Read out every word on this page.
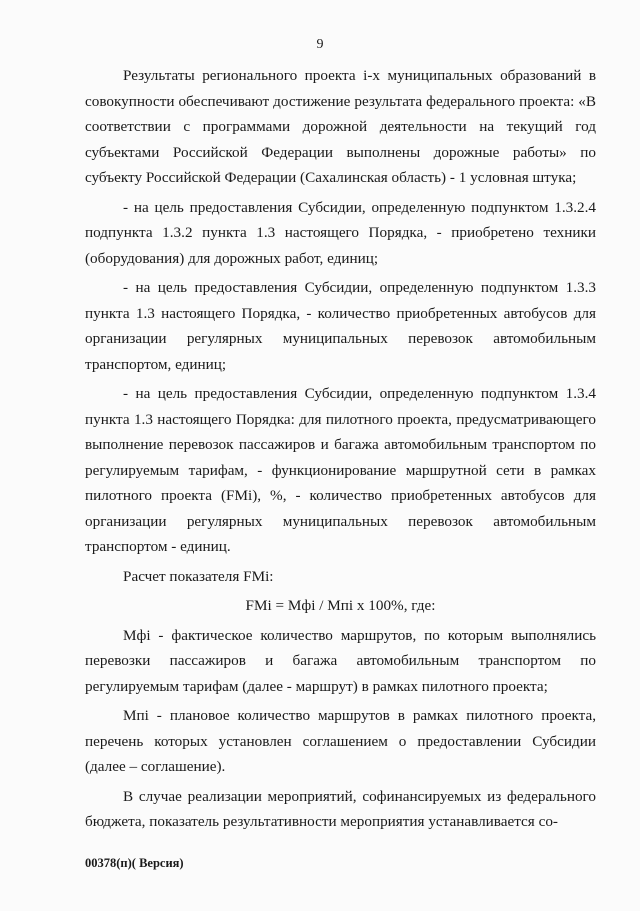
9

Результаты регионального проекта i-х муниципальных образований в совокупности обеспечивают достижение результата федерального проекта: «В соответствии с программами дорожной деятельности на текущий год субъектами Российской Федерации выполнены дорожные работы» по субъекту Российской Федерации (Сахалинская область) - 1 условная штука;

- на цель предоставления Субсидии, определенную подпунктом 1.3.2.4 подпункта 1.3.2 пункта 1.3 настоящего Порядка, - приобретено техники (оборудования) для дорожных работ, единиц;

- на цель предоставления Субсидии, определенную подпунктом 1.3.3 пункта 1.3 настоящего Порядка, - количество приобретенных автобусов для организации регулярных муниципальных перевозок автомобильным транспортом, единиц;

- на цель предоставления Субсидии, определенную подпунктом 1.3.4 пункта 1.3 настоящего Порядка: для пилотного проекта, предусматривающего выполнение перевозок пассажиров и багажа автомобильным транспортом по регулируемым тарифам, - функционирование маршрутной сети в рамках пилотного проекта (FMi), %, - количество приобретенных автобусов для организации регулярных муниципальных перевозок автомобильным транспортом - единиц.

Расчет показателя FMi:

FMi = Mфi / Mпi x 100%, где:

Mфi - фактическое количество маршрутов, по которым выполнялись перевозки пассажиров и багажа автомобильным транспортом по регулируемым тарифам (далее - маршрут) в рамках пилотного проекта;

Mпi - плановое количество маршрутов в рамках пилотного проекта, перечень которых установлен соглашением о предоставлении Субсидии (далее – соглашение).

В случае реализации мероприятий, софинансируемых из федерального бюджета, показатель результативности мероприятия устанавливается со-

00378(п)( Версия)
